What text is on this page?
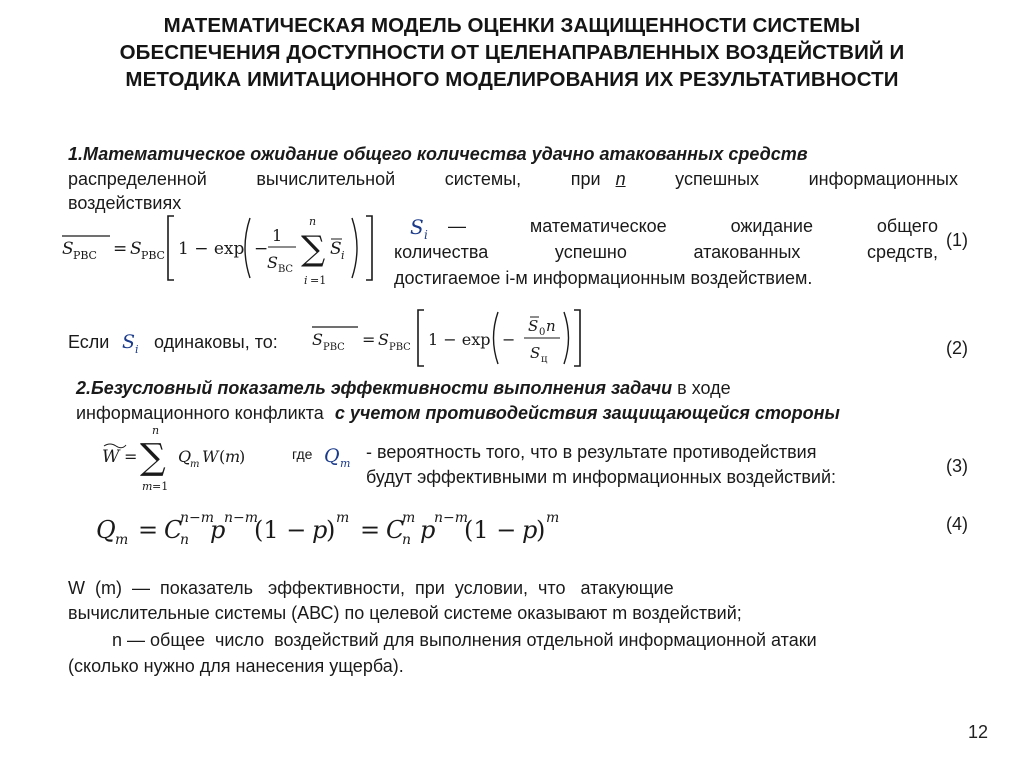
МАТЕМАТИЧЕСКАЯ МОДЕЛЬ ОЦЕНКИ ЗАЩИЩЕННОСТИ СИСТЕМЫ
ОБЕСПЕЧЕНИЯ ДОСТУПНОСТИ ОТ ЦЕЛЕНАПРАВЛЕННЫХ ВОЗДЕЙСТВИЙ И
МЕТОДИКА ИМИТАЦИОННОГО МОДЕЛИРОВАНИЯ ИХ РЕЗУЛЬТАТИВНОСТИ
1.Математическое ожидание общего количества удачно атакованных средств
распределенной	вычислительной	системы,	при n	успешных	информационных
воздействиях
S РВС = S РВС 1 − exp −
1
S ВС
∑
n
i =1
S i
S i — математическое ожидание общего
количества успешно атакованных средств,
достигаемое i-м информационным воздействием.
(1)
Если S i одинаковы, то: S РВС = S РВС 1 − exp −
S 0 n
S ц
(2)
2.Безусловный показатель эффективности выполнения задачи в ходе
информационного конфликта с учетом противодействия защищающейся стороны
W = ∑
n
m =1
Q
m W ( m
)	где Q m
- вероятность того, что в результате противодействия
будут эффективными m информационных воздействий:
(3)
Q m = C
n
n−m
p
n−m
(1 − p
) m = C
n
m p
n−m
(1 − p
) m	(4)
W  (m)  —  показатель   эффективности,  при  условии,  что   атакующие
вычислительные системы (АВС) по целевой системе оказывают m воздействий;
n — общее  число  воздействий для выполнения отдельной информационной атаки
(сколько нужно для нанесения ущерба).
12
